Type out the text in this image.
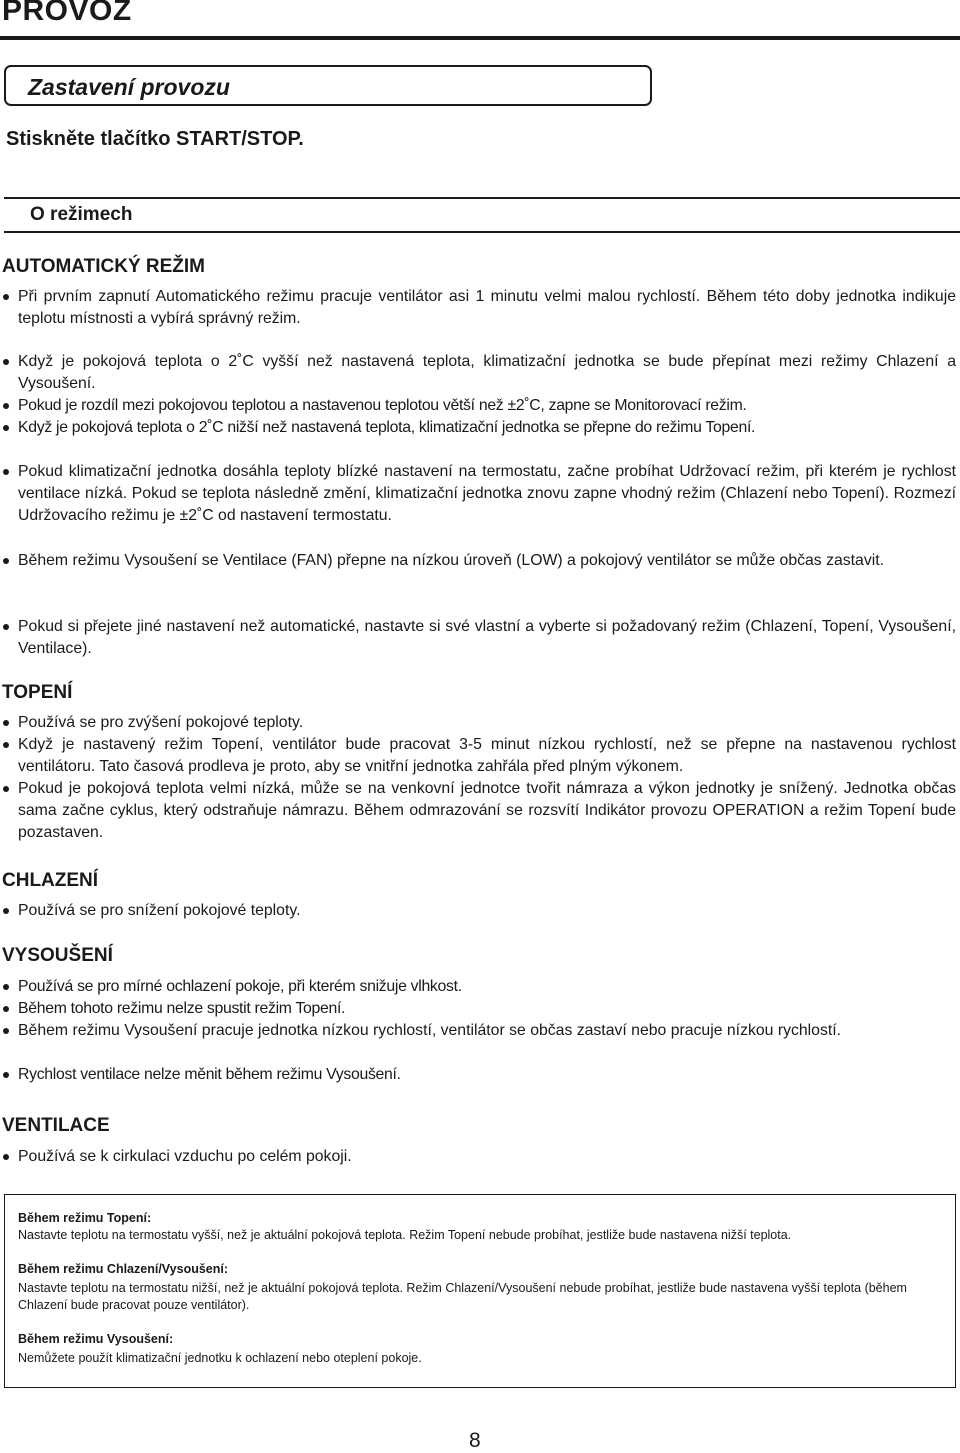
PROVOZ
Zastavení provozu
Stiskněte tlačítko START/STOP.
O režimech
AUTOMATICKÝ REŽIM
Při prvním zapnutí Automatického režimu pracuje ventilátor asi 1 minutu velmi malou rychlostí. Během této doby jednotka indikuje teplotu místnosti a vybírá správný režim.
Když je pokojová teplota o 2˚C vyšší než nastavená teplota, klimatizační jednotka se bude přepínat mezi režimy Chlazení a Vysoušení.
Pokud je rozdíl mezi pokojovou teplotou a nastavenou teplotou větší než ±2˚C, zapne se Monitorovací režim.
Když je pokojová teplota o 2˚C nižší než nastavená teplota, klimatizační jednotka se přepne do režimu Topení.
Pokud klimatizační jednotka dosáhla teploty blízké nastavení na termostatu, začne probíhat Udržovací režim, při kterém je rychlost ventilace nízká. Pokud se teplota následně změní, klimatizační jednotka znovu zapne vhodný režim (Chlazení nebo Topení). Rozmezí Udržovacího režimu je ±2˚C od nastavení termostatu.
Během režimu Vysoušení se Ventilace (FAN) přepne na nízkou úroveň (LOW) a pokojový ventilátor se může občas zastavit.
Pokud si přejete jiné nastavení než automatické, nastavte si své vlastní a vyberte si požadovaný režim (Chlazení, Topení, Vysoušení, Ventilace).
TOPENÍ
Používá se pro zvýšení pokojové teploty.
Když je nastavený režim Topení, ventilátor bude pracovat 3-5 minut nízkou rychlostí, než se přepne na nastavenou rychlost ventilátoru. Tato časová prodleva je proto, aby se vnitřní jednotka zahřála před plným výkonem.
Pokud je pokojová teplota velmi nízká, může se na venkovní jednotce tvořit námraza a výkon jednotky je snížený. Jednotka občas sama začne cyklus, který odstraňuje námrazu. Během odmrazování se rozsvítí Indikátor provozu OPERATION a režim Topení bude pozastaven.
CHLAZENÍ
Používá se pro snížení pokojové teploty.
VYSOUŠENÍ
Používá se pro mírné ochlazení pokoje, při kterém snižuje vlhkost.
Během tohoto režimu nelze spustit režim Topení.
Během režimu Vysoušení pracuje jednotka nízkou rychlostí, ventilátor se občas zastaví nebo pracuje nízkou rychlostí.
Rychlost ventilace nelze měnit během režimu Vysoušení.
VENTILACE
Používá se k cirkulaci vzduchu po celém pokoji.
Během režimu Topení:
Nastavte teplotu na termostatu vyšší, než je aktuální pokojová teplota. Režim Topení nebude probíhat, jestliže bude nastavena nižší teplota.
Během režimu Chlazení/Vysoušení:
Nastavte teplotu na termostatu nižší, než je aktuální pokojová teplota. Režim Chlazení/Vysoušení nebude probíhat, jestliže bude nastavena vyšší teplota (během Chlazení bude pracovat pouze ventilátor).
Během režimu Vysoušení:
Nemůžete použít klimatizační jednotku k ochlazení nebo oteplení pokoje.
8
